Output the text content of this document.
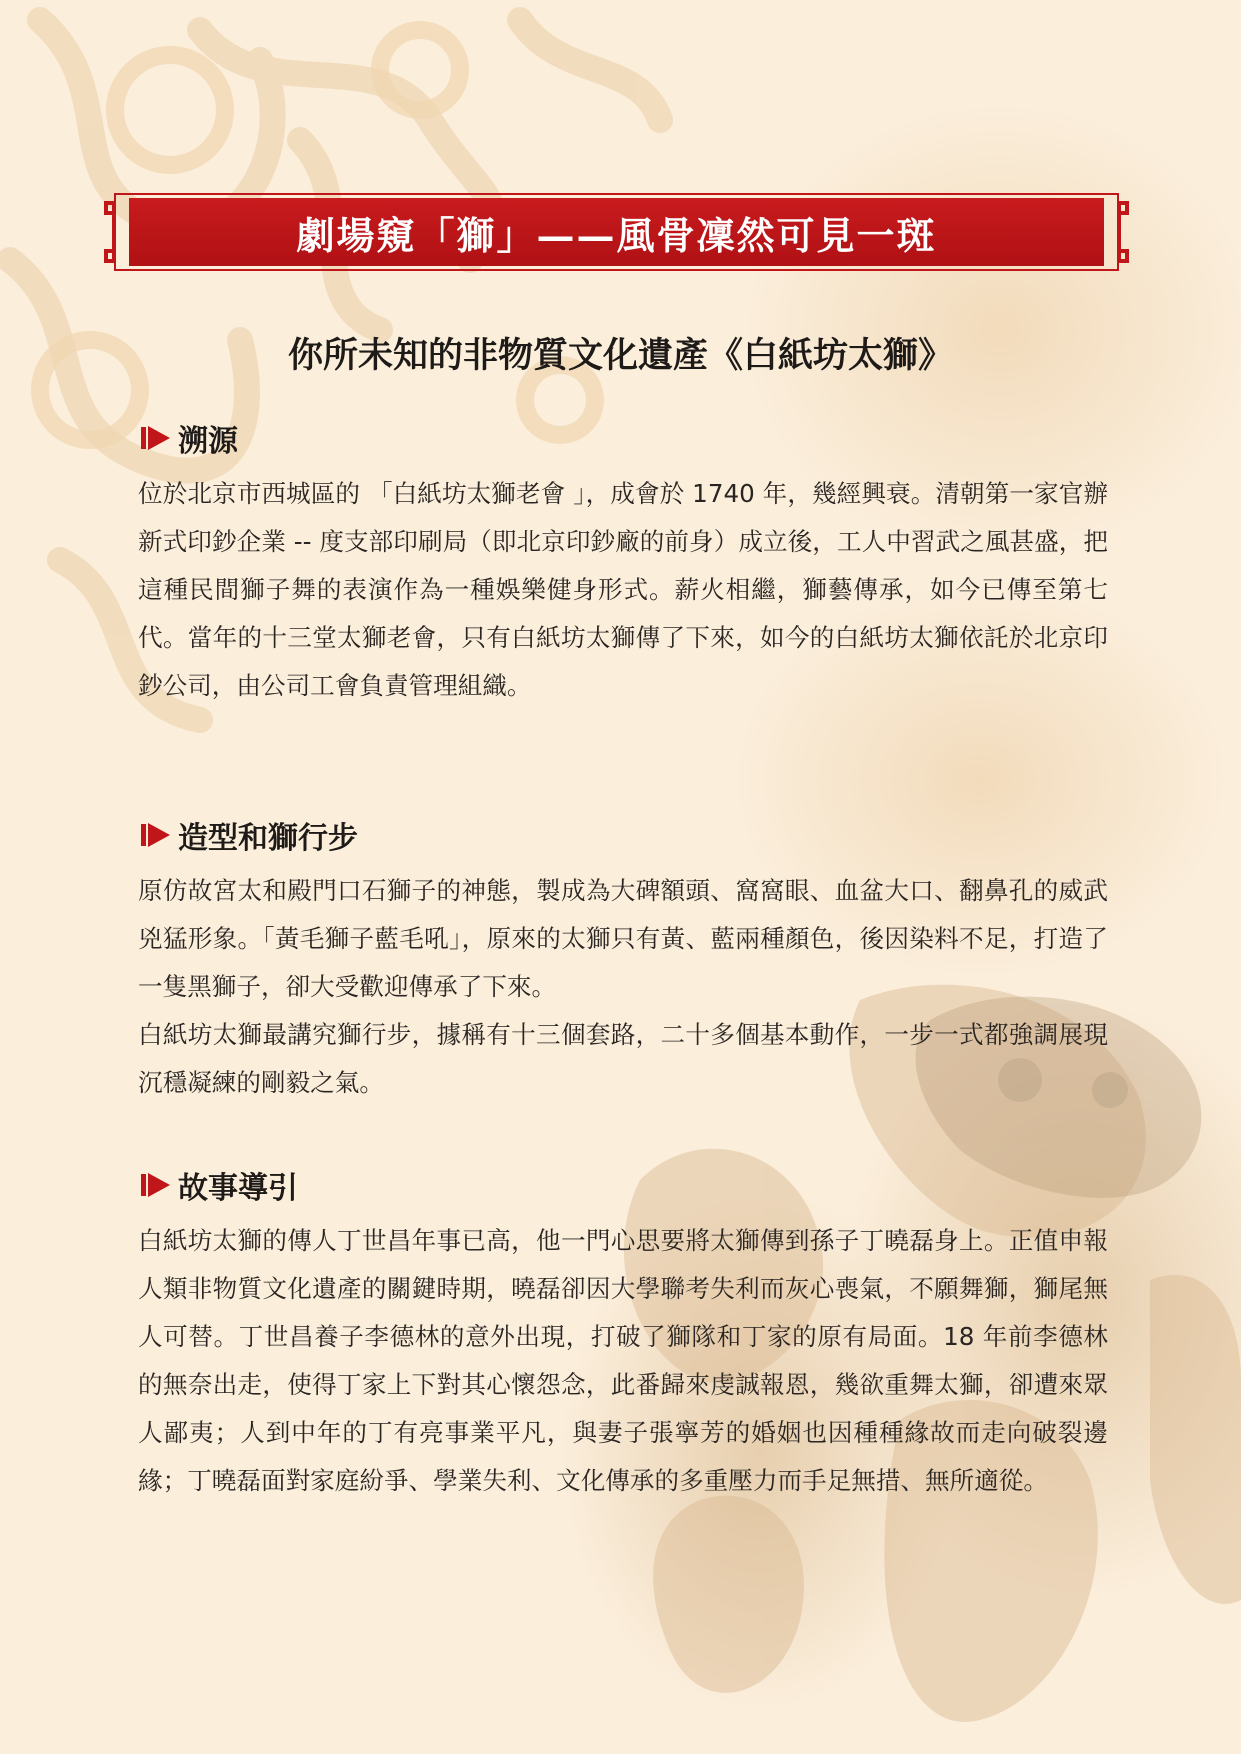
劇場窺「獅」——風骨凜然可見一斑
你所未知的非物質文化遺產《白紙坊太獅》
溯源

位於北京市西城區的 「白紙坊太獅老會 」，成會於 1740 年，幾經興衰。清朝第一家官辦新式印鈔企業 -- 度支部印刷局（即北京印鈔廠的前身）成立後，工人中習武之風甚盛，把這種民間獅子舞的表演作為一種娛樂健身形式。薪火相繼，獅藝傳承，如今已傳至第七代。當年的十三堂太獅老會，只有白紙坊太獅傳了下來，如今的白紙坊太獅依託於北京印鈔公司，由公司工會負責管理組織。

造型和獅行步

原仿故宮太和殿門口石獅子的神態，製成為大碑額頭、窩窩眼、血盆大口、翻鼻孔的威武兇猛形象。「黃毛獅子藍毛吼」，原來的太獅只有黃、藍兩種顏色，後因染料不足，打造了一隻黑獅子，卻大受歡迎傳承了下來。

白紙坊太獅最講究獅行步，據稱有十三個套路，二十多個基本動作，一步一式都強調展現沉穩凝練的剛毅之氣。

故事導引

白紙坊太獅的傳人丁世昌年事已高，他一門心思要將太獅傳到孫子丁曉磊身上。正值申報人類非物質文化遺產的關鍵時期，曉磊卻因大學聯考失利而灰心喪氣，不願舞獅，獅尾無人可替。丁世昌養子李德林的意外出現，打破了獅隊和丁家的原有局面。18 年前李德林的無奈出走，使得丁家上下對其心懷怨念，此番歸來虔誠報恩，幾欲重舞太獅，卻遭來眾人鄙夷；人到中年的丁有亮事業平凡，與妻子張寧芳的婚姻也因種種緣故而走向破裂邊緣；丁曉磊面對家庭紛爭、學業失利、文化傳承的多重壓力而手足無措、無所適從。
